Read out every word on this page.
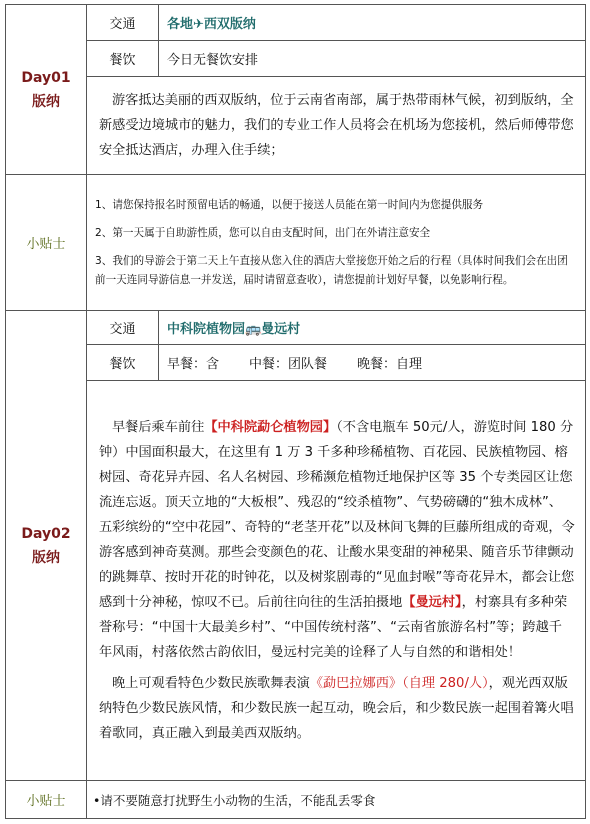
Day01
版纳	交通	各地✈西双版纳
	餐饮	今日无餐饮安排

	游客抵达美丽的西双版纳，位于云南省南部，属于热带雨林气候，初到版纳，全新感受边境城市的魅力，我们的专业工作人员将会在机场为您接机，然后师傅带您安全抵达酒店，办理入住手续；	

小贴士	1、请您保持报名时预留电话的畅通，以便于接送人员能在第一时间内为您提供服务

2、第一天属于自助游性质，您可以自由支配时间，出门在外请注意安全

3、我们的导游会于第二天上午直接从您入住的酒店大堂接您开始之后的行程（具体时间我们会在出团前一天连同导游信息一并发送，届时请留意查收），请您提前计划好早餐，以免影响行程。	

Day02
版纳	交通	中科院植物园🚌曼远村
	餐饮	早餐：含 中餐：团队餐 晚餐：自理

	早餐后乘车前往【中科院勐仑植物园】（不含电瓶车 50元/人，游览时间 180 分钟）中国面积最大，在这里有 1 万 3 千多种珍稀植物、百花园、民族植物园、榕树园、奇花异卉园、名人名树园、珍稀濒危植物迁地保护区等 35 个专类园区让您流连忘返。顶天立地的“大板根”、残忍的“绞杀植物”、气势磅礴的“独木成林”、五彩缤纷的“空中花园”、奇特的“老茎开花”以及林间飞舞的巨藤所组成的奇观，令游客感到神奇莫测。那些会变颜色的花、让酸水果变甜的神秘果、随音乐节律颤动的跳舞草、按时开花的时钟花，以及树浆剧毒的“见血封喉”等奇花异木，都会让您感到十分神秘，惊叹不已。后前往向往的生活拍摄地【曼远村】，村寨具有多种荣誉称号：“中国十大最美乡村”、“中国传统村落”、“云南省旅游名村”等；跨越千年风雨，村落依然古韵依旧，曼远村完美的诠释了人与自然的和谐相处！

晚上可观看特色少数民族歌舞表演《勐巴拉娜西》（自理 280/人），观光西双版纳特色少数民族风情，和少数民族一起互动，晚会后，和少数民族一起围着篝火唱着歌同，真正融入到最美西双版纳。	

小贴士	•请不要随意打扰野生小动物的生活，不能乱丢零食	
